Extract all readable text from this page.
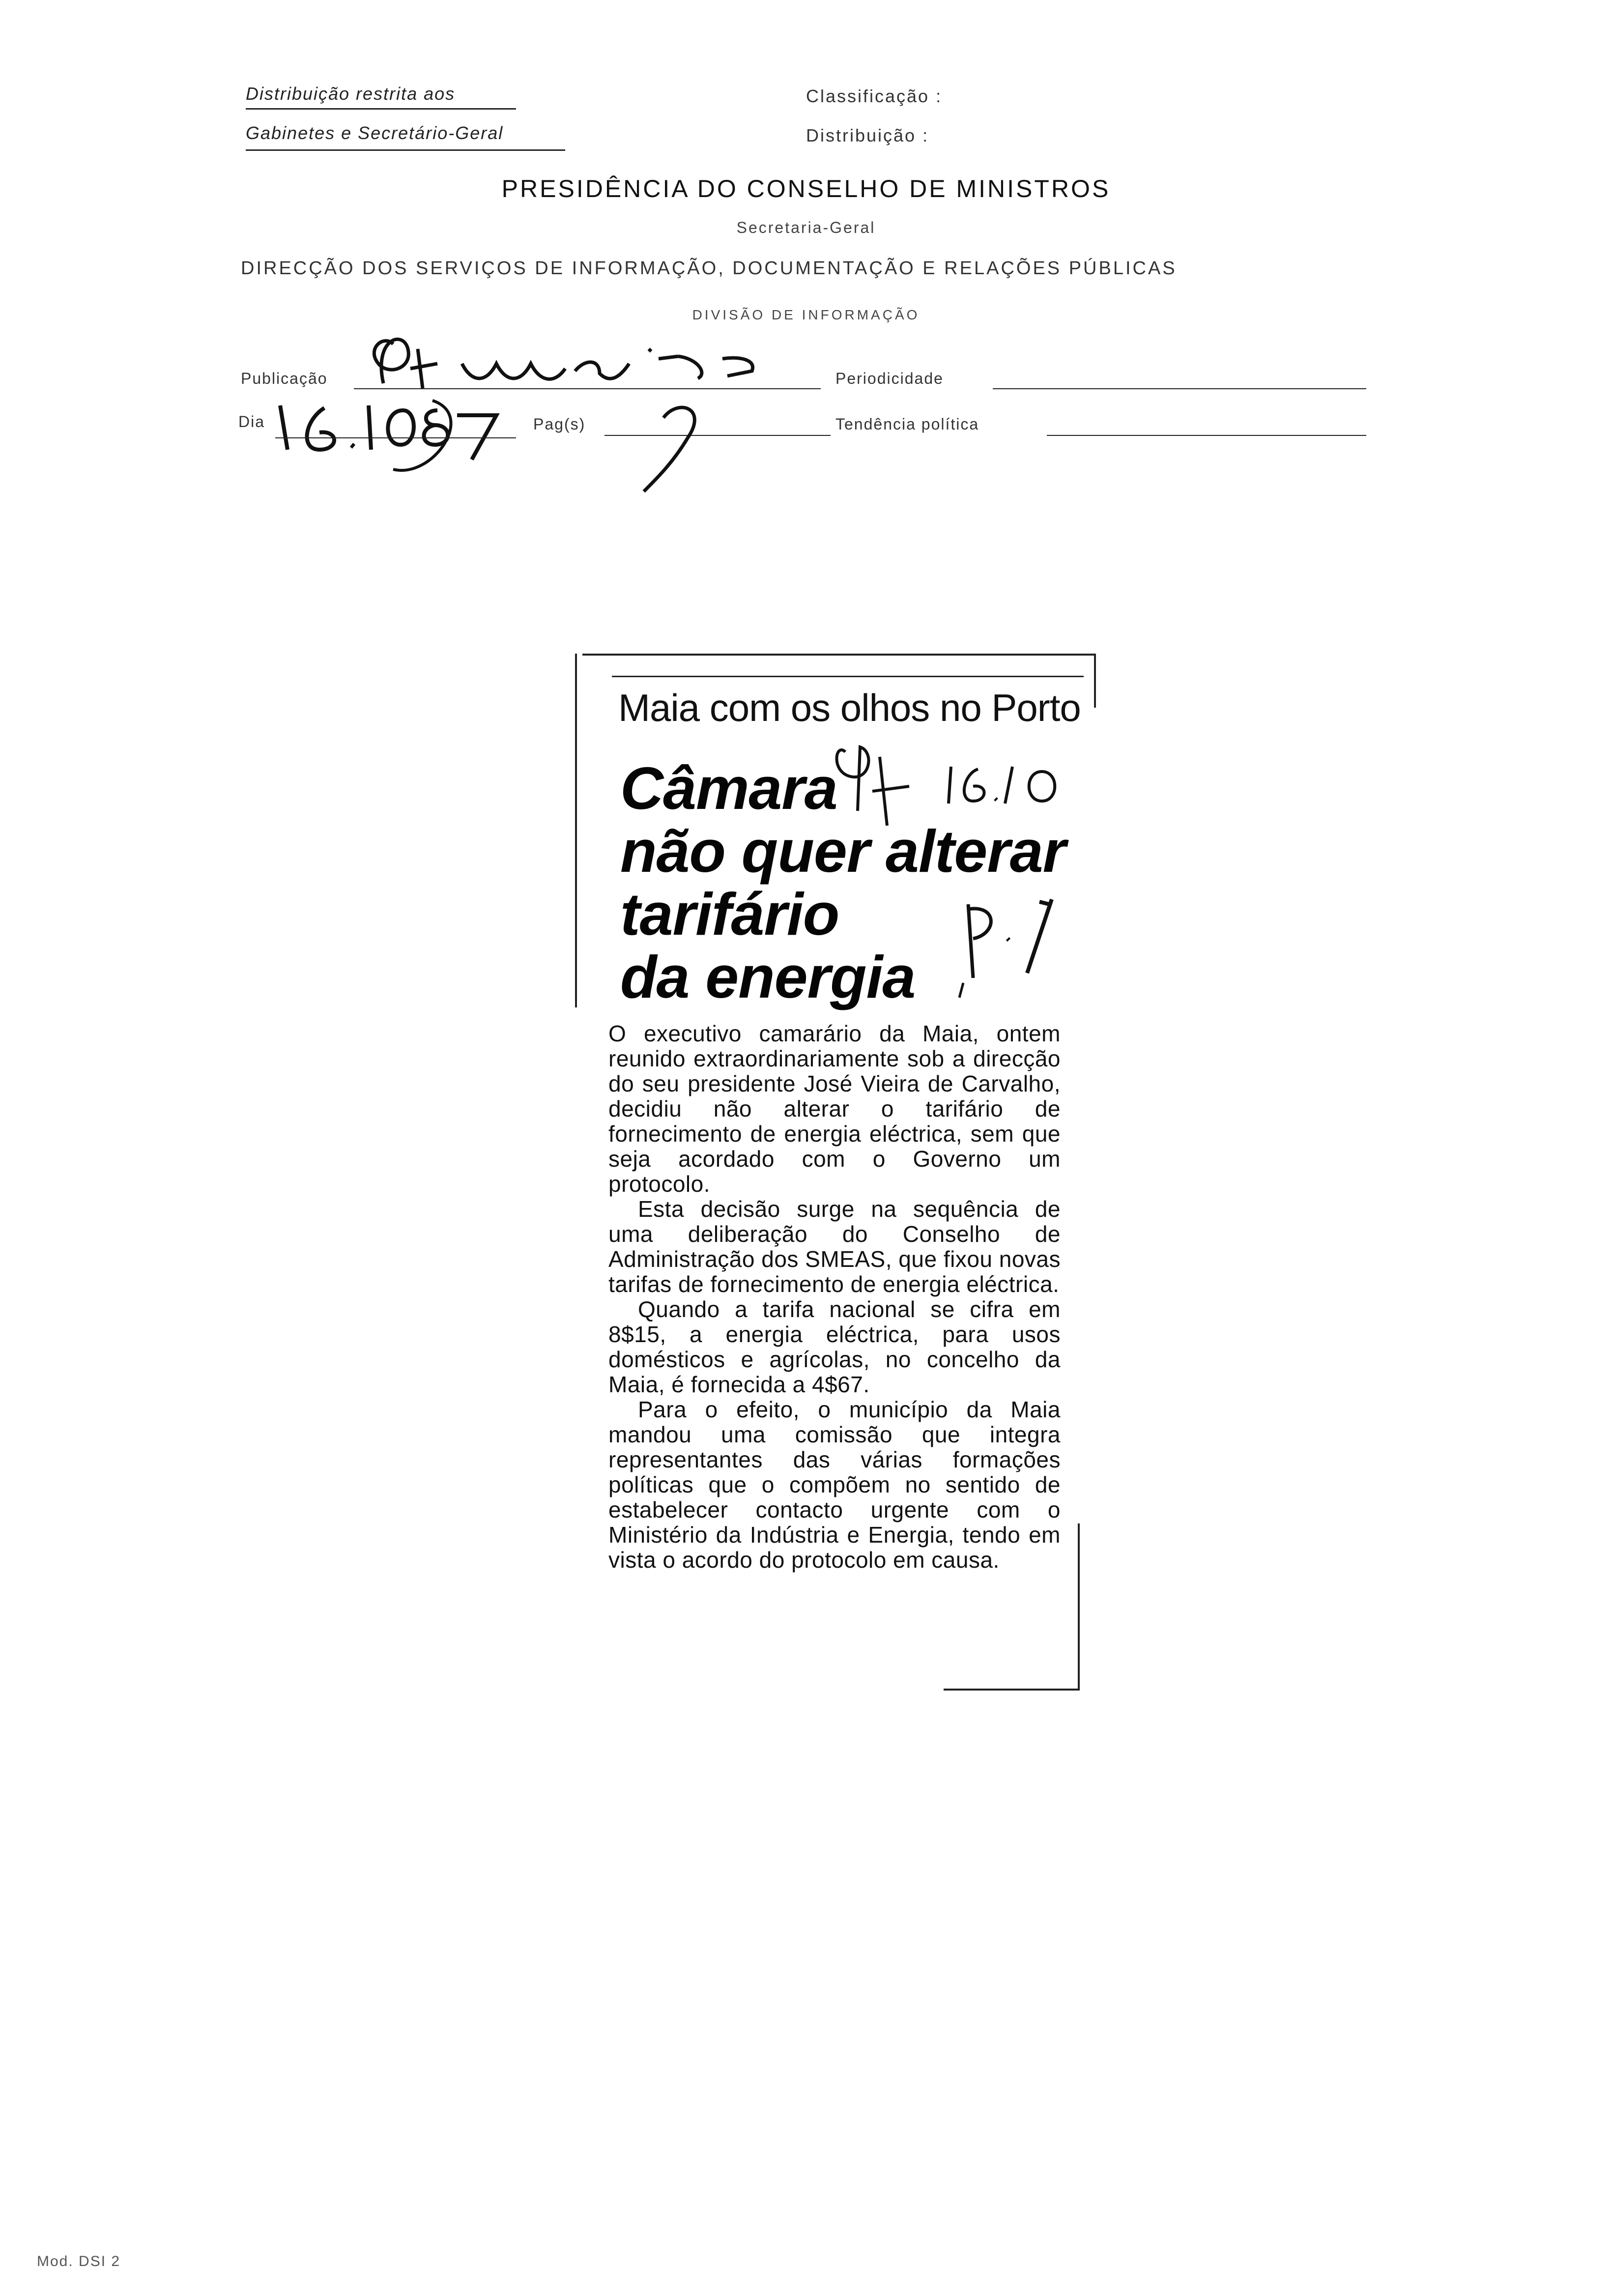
Distribuição restrita aos
Gabinetes e Secretário-Geral
Classificação :
Distribuição :
PRESIDÊNCIA DO CONSELHO DE MINISTROS
Secretaria-Geral
DIRECÇÃO DOS SERVIÇOS DE INFORMAÇÃO, DOCUMENTAÇÃO E RELAÇÕES PÚBLICAS
DIVISÃO DE INFORMAÇÃO
Publicação	Periodicidade
Dia	Pag(s)	Tendência política
Maia com os olhos no Porto
Câmara
não quer alterar
tarifário
da energia

O executivo camarário da Maia, ontem reunido extraordinariamente sob a direcção do seu presidente José Vieira de Carvalho, decidiu não alterar o tarifário de fornecimento de energia eléctrica, sem que seja acordado com o Governo um protocolo.

Esta decisão surge na sequência de uma deliberação do Conselho de Administração dos SMEAS, que fixou novas tarifas de fornecimento de energia eléctrica.

Quando a tarifa nacional se cifra em 8$15, a energia eléctrica, para usos domésticos e agrícolas, no concelho da Maia, é fornecida a 4$67.

Para o efeito, o município da Maia mandou uma comissão que integra representantes das várias formações políticas que o compõem no sentido de estabelecer contacto urgente com o Ministério da Indústria e Energia, tendo em vista o acordo do protocolo em causa.

Mod. DSI 2
